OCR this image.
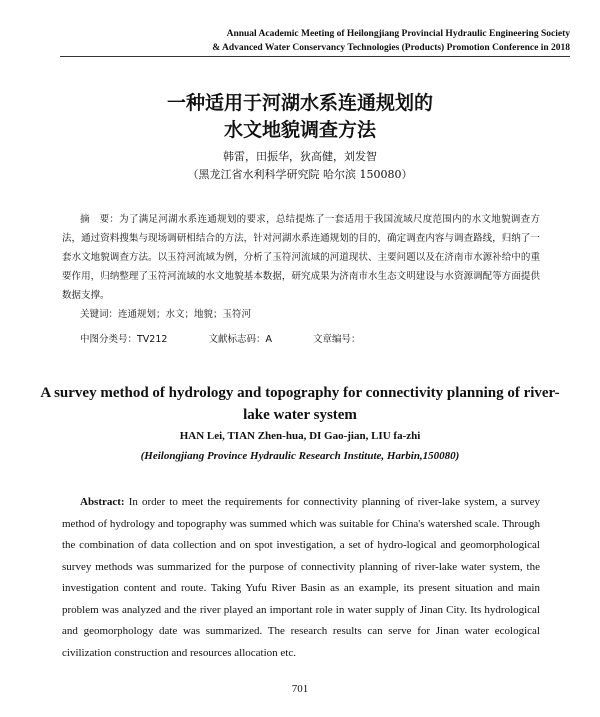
Annual Academic Meeting of Heilongjiang Provincial Hydraulic Engineering Society
& Advanced Water Conservancy Technologies (Products) Promotion Conference in 2018
一种适用于河湖水系连通规划的
水文地貌调查方法
韩雷，田振华，狄高健，刘发智
（黑龙江省水利科学研究院 哈尔滨 150080）
摘　要：为了满足河湖水系连通规划的要求，总结提炼了一套适用于我国流域尺度范围内的水文地貌调查方法，通过资料搜集与现场调研相结合的方法，针对河湖水系连通规划的目的，确定调查内容与调查路线，归纳了一套水文地貌调查方法。以玉符河流域为例，分析了玉符河流域的河道现状、主要问题以及在济南市水源补给中的重要作用，归纳整理了玉符河流域的水文地貌基本数据，研究成果为济南市水生态文明建设与水资源调配等方面提供数据支撑。
关键词：连通规划；水文；地貌；玉符河
中图分类号：TV212	文献标志码：A	文章编号：
A survey method of hydrology and topography for connectivity planning of river-lake water system
HAN Lei, TIAN Zhen-hua, DI Gao-jian, LIU fa-zhi
(Heilongjiang Province Hydraulic Research Institute, Harbin,150080)
Abstract: In order to meet the requirements for connectivity planning of river-lake system, a survey method of hydrology and topography was summed which was suitable for China's watershed scale. Through the combination of data collection and on spot investigation, a set of hydro-logical and geomorphological survey methods was summarized for the purpose of connectivity planning of river-lake water system, the investigation content and route. Taking Yufu River Basin as an example, its present situation and main problem was analyzed and the river played an important role in water supply of Jinan City. Its hydrological and geomorphology date was summarized. The research results can serve for Jinan water ecological civilization construction and resources allocation etc.
701
